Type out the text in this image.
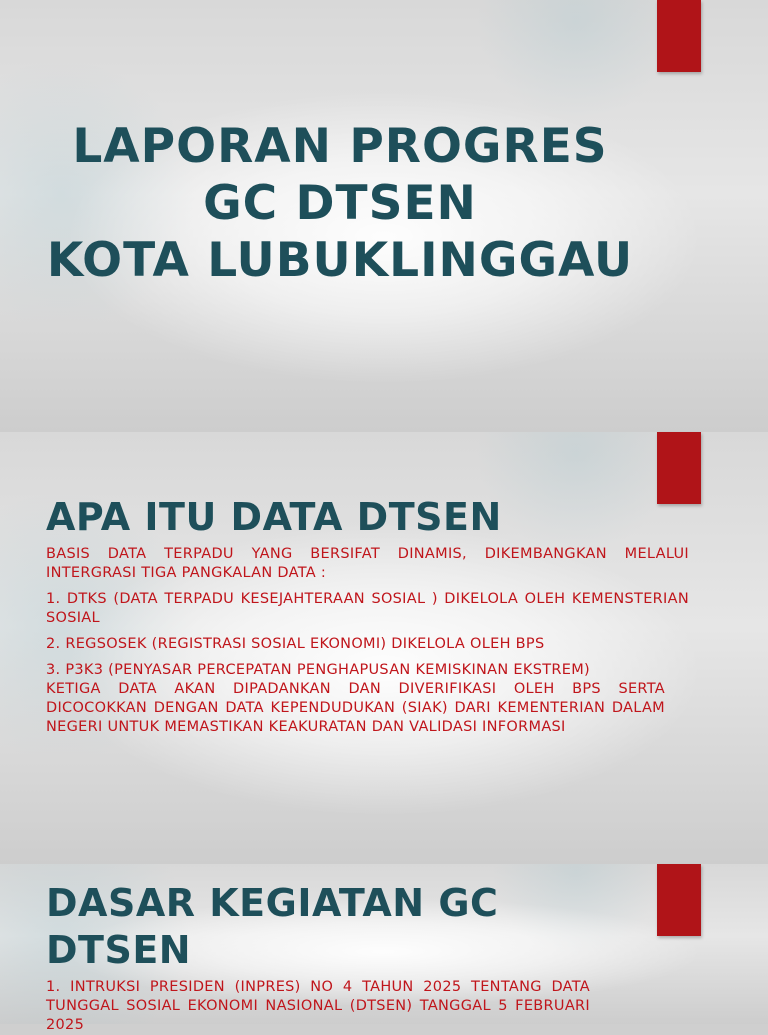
LAPORAN PROGRES
GC DTSEN
KOTA LUBUKLINGGAU
APA ITU DATA DTSEN

BASIS DATA TERPADU YANG BERSIFAT DINAMIS, DIKEMBANGKAN MELALUI INTERGRASI TIGA PANGKALAN DATA :

1. DTKS (DATA TERPADU KESEJAHTERAAN SOSIAL ) DIKELOLA OLEH KEMENSTERIAN SOSIAL

2. REGSOSEK (REGISTRASI SOSIAL EKONOMI) DIKELOLA OLEH BPS

3. P3K3 (PENYASAR PERCEPATAN PENGHAPUSAN KEMISKINAN EKSTREM)

KETIGA DATA AKAN DIPADANKAN DAN DIVERIFIKASI OLEH BPS SERTA DICOCOKKAN DENGAN DATA KEPENDUDUKAN (SIAK) DARI KEMENTERIAN DALAM NEGERI UNTUK MEMASTIKAN KEAKURATAN DAN VALIDASI INFORMASI

DASAR KEGIATAN GC DTSEN

1. INTRUKSI PRESIDEN (INPRES) NO 4 TAHUN 2025 TENTANG DATA TUNGGAL SOSIAL EKONOMI NASIONAL (DTSEN) TANGGAL 5 FEBRUARI 2025
